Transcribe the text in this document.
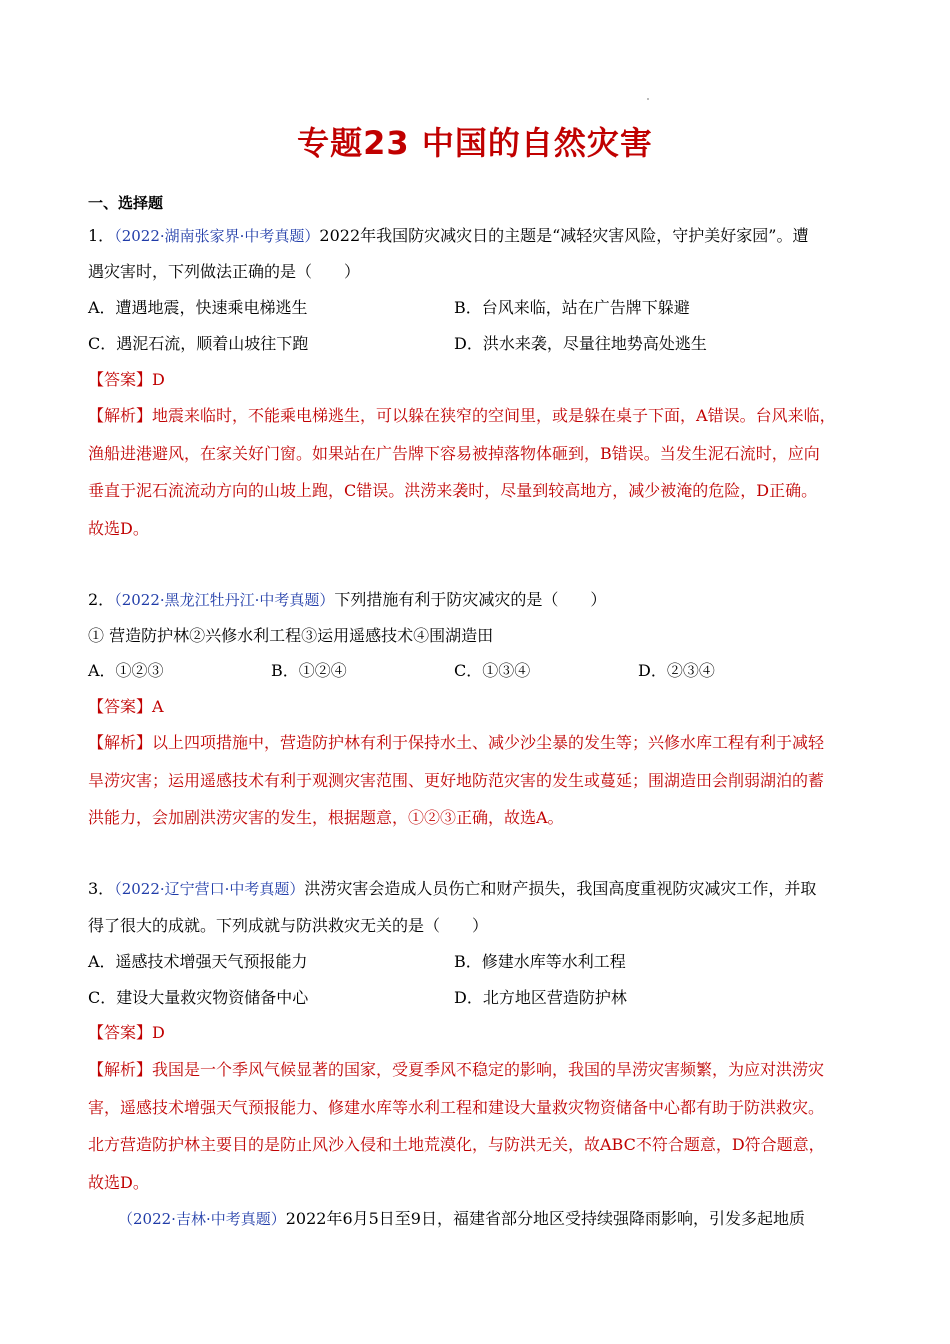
专题23 中国的自然灾害
一、选择题
1．（2022·湖南张家界·中考真题）2022年我国防灾减灾日的主题是“减轻灾害风险，守护美好家园”。遭
遇灾害时，下列做法正确的是（　　）
A．遭遇地震，快速乘电梯逃生	B．台风来临，站在广告牌下躲避
C．遇泥石流，顺着山坡往下跑	D．洪水来袭，尽量往地势高处逃生
【答案】D
【解析】地震来临时，不能乘电梯逃生，可以躲在狭窄的空间里，或是躲在桌子下面，A错误。台风来临，
渔船进港避风，在家关好门窗。如果站在广告牌下容易被掉落物体砸到，B错误。当发生泥石流时，应向
垂直于泥石流流动方向的山坡上跑，C错误。洪涝来袭时，尽量到较高地方，减少被淹的危险，D正确。
故选D。
2．（2022·黑龙江牡丹江·中考真题）下列措施有利于防灾减灾的是（　　）
① 营造防护林②兴修水利工程③运用遥感技术④围湖造田
A．①②③	B．①②④	C．①③④	D．②③④
【答案】A
【解析】以上四项措施中，营造防护林有利于保持水土、减少沙尘暴的发生等；兴修水库工程有利于减轻
旱涝灾害；运用遥感技术有利于观测灾害范围、更好地防范灾害的发生或蔓延；围湖造田会削弱湖泊的蓄
洪能力，会加剧洪涝灾害的发生，根据题意，①②③正确，故选A。
3．（2022·辽宁营口·中考真题）洪涝灾害会造成人员伤亡和财产损失，我国高度重视防灾减灾工作，并取
得了很大的成就。下列成就与防洪救灾无关的是（　　）
A．遥感技术增强天气预报能力	B．修建水库等水利工程
C．建设大量救灾物资储备中心	D．北方地区营造防护林
【答案】D
【解析】我国是一个季风气候显著的国家，受夏季风不稳定的影响，我国的旱涝灾害频繁，为应对洪涝灾
害，遥感技术增强天气预报能力、修建水库等水利工程和建设大量救灾物资储备中心都有助于防洪救灾。
北方营造防护林主要目的是防止风沙入侵和土地荒漠化，与防洪无关，故ABC不符合题意，D符合题意，
故选D。
（2022·吉林·中考真题）2022年6月5日至9日，福建省部分地区受持续强降雨影响，引发多起地质
